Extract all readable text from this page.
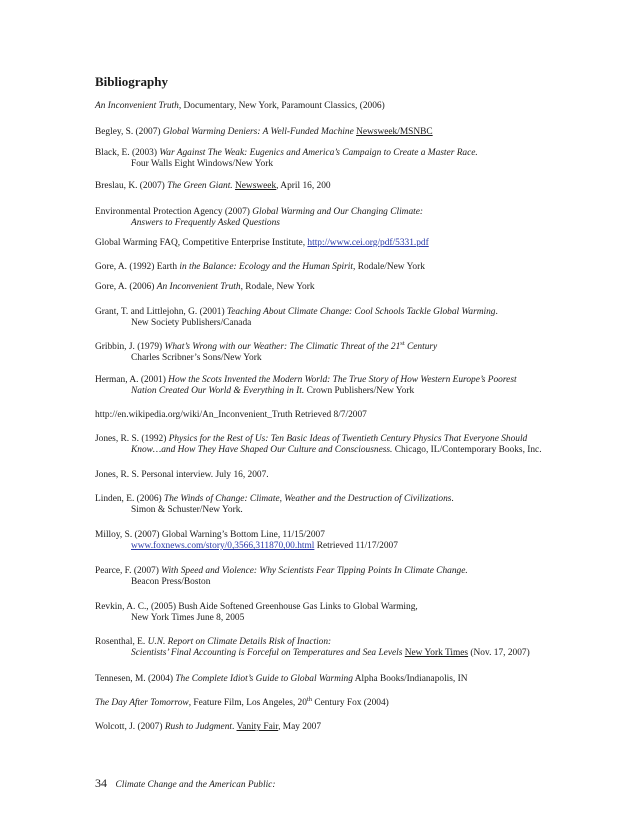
Bibliography
An Inconvenient Truth, Documentary, New York, Paramount Classics, (2006)
Begley, S. (2007) Global Warming Deniers: A Well-Funded Machine Newsweek/MSNBC
Black, E. (2003) War Against The Weak: Eugenics and America’s Campaign to Create a Master Race.
Four Walls Eight Windows/New York
Breslau, K. (2007) The Green Giant. Newsweek, April 16, 200
Environmental Protection Agency (2007) Global Warming and Our Changing Climate:
Answers to Frequently Asked Questions
Global Warming FAQ, Competitive Enterprise Institute, http://www.cei.org/pdf/5331.pdf
Gore, A. (1992) Earth in the Balance: Ecology and the Human Spirit, Rodale/New York
Gore, A. (2006) An Inconvenient Truth, Rodale, New York
Grant, T. and Littlejohn, G. (2001) Teaching About Climate Change: Cool Schools Tackle Global Warming.
New Society Publishers/Canada
Gribbin, J. (1979) What’s Wrong with our Weather: The Climatic Threat of the 21st Century
Charles Scribner’s Sons/New York
Herman, A. (2001) How the Scots Invented the Modern World: The True Story of How Western Europe’s Poorest
Nation Created Our World & Everything in It. Crown Publishers/New York
http://en.wikipedia.org/wiki/An_Inconvenient_Truth Retrieved 8/7/2007
Jones, R. S. (1992) Physics for the Rest of Us: Ten Basic Ideas of Twentieth Century Physics That Everyone Should
Know…and How They Have Shaped Our Culture and Consciousness. Chicago, IL/Contemporary Books, Inc.
Jones, R. S. Personal interview. July 16, 2007.
Linden, E. (2006) The Winds of Change: Climate, Weather and the Destruction of Civilizations.
Simon & Schuster/New York.
Milloy, S. (2007) Global Warning’s Bottom Line, 11/15/2007
www.foxnews.com/story/0,3566,311870,00.html Retrieved 11/17/2007
Pearce, F. (2007) With Speed and Violence: Why Scientists Fear Tipping Points In Climate Change.
Beacon Press/Boston
Revkin, A. C., (2005) Bush Aide Softened Greenhouse Gas Links to Global Warming,
New York Times June 8, 2005
Rosenthal, E. U.N. Report on Climate Details Risk of Inaction:
Scientists’ Final Accounting is Forceful on Temperatures and Sea Levels New York Times (Nov. 17, 2007)
Tennesen, M. (2004) The Complete Idiot’s Guide to Global Warming Alpha Books/Indianapolis, IN
The Day After Tomorrow, Feature Film, Los Angeles, 20th Century Fox (2004)
Wolcott, J. (2007) Rush to Judgment. Vanity Fair, May 2007
34 Climate Change and the American Public:
